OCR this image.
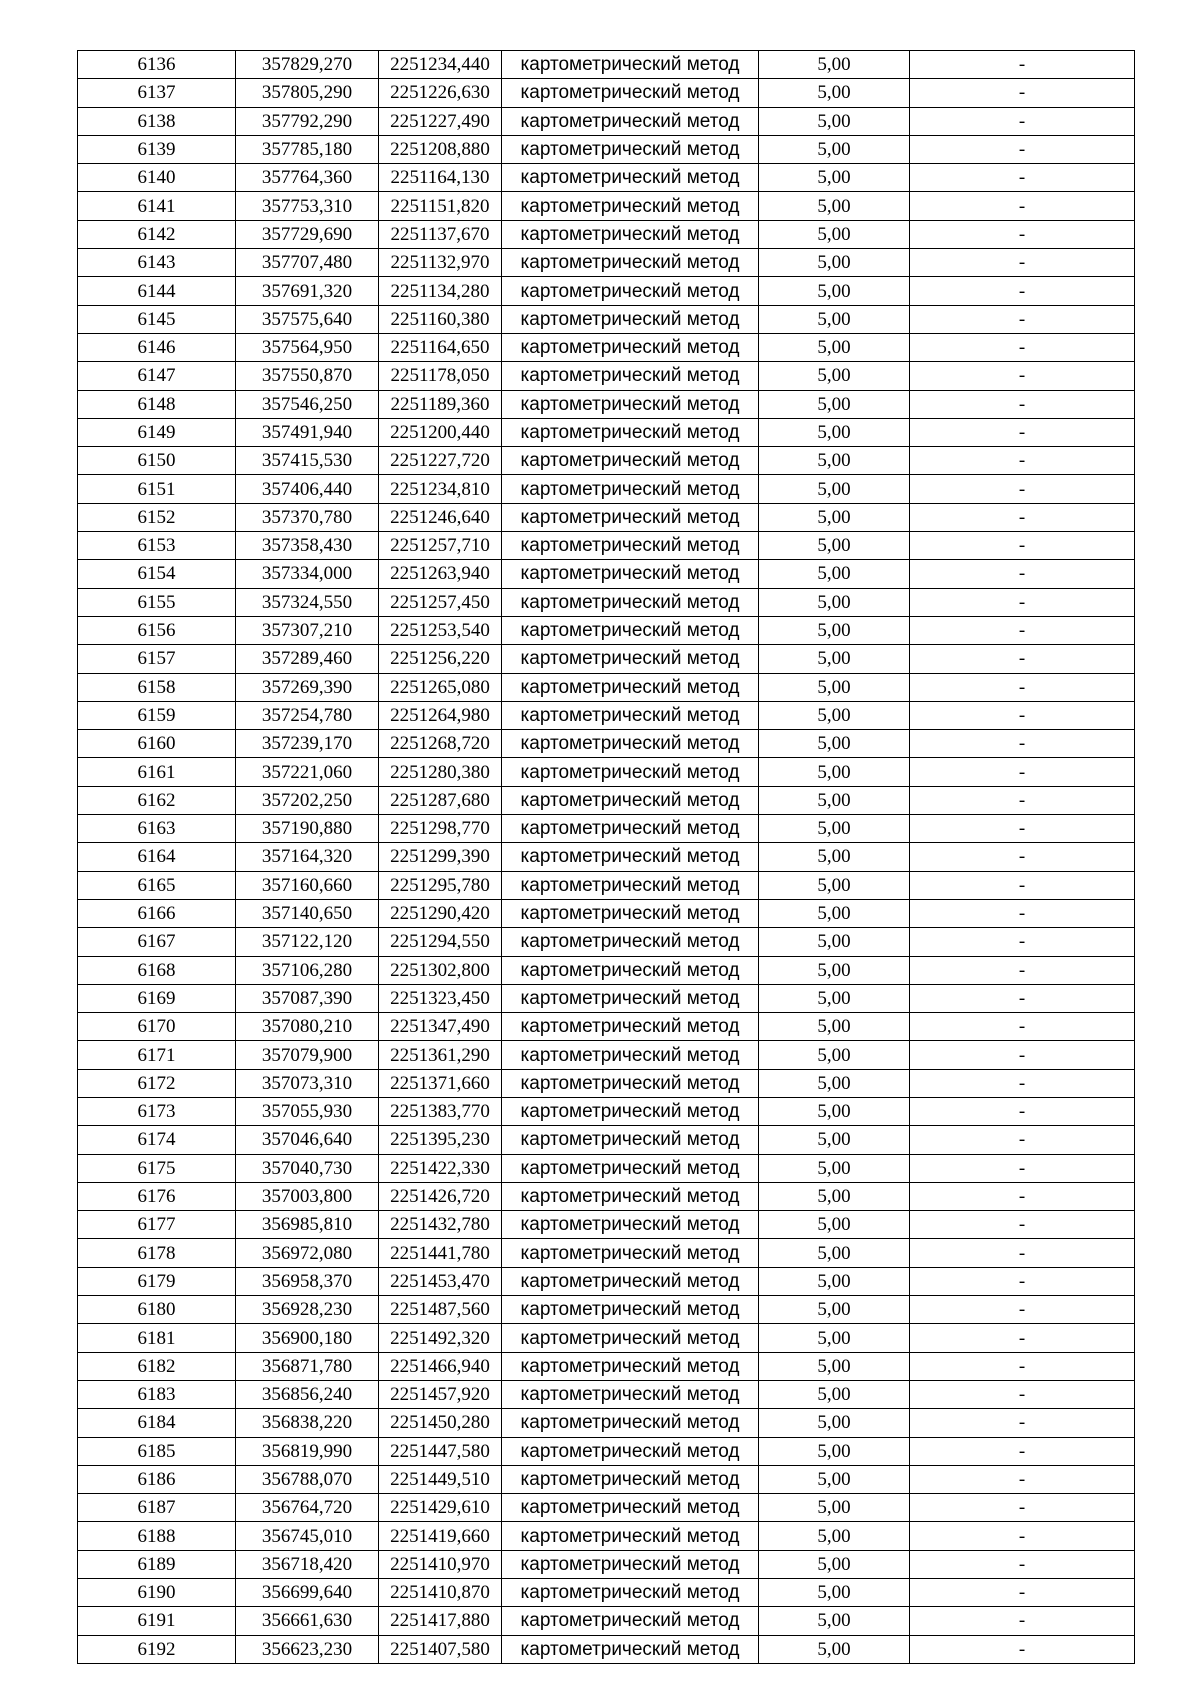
6136	357829,270	2251234,440	картометрический метод	5,00	-
6137	357805,290	2251226,630	картометрический метод	5,00	-
6138	357792,290	2251227,490	картометрический метод	5,00	-
6139	357785,180	2251208,880	картометрический метод	5,00	-
6140	357764,360	2251164,130	картометрический метод	5,00	-
6141	357753,310	2251151,820	картометрический метод	5,00	-
6142	357729,690	2251137,670	картометрический метод	5,00	-
6143	357707,480	2251132,970	картометрический метод	5,00	-
6144	357691,320	2251134,280	картометрический метод	5,00	-
6145	357575,640	2251160,380	картометрический метод	5,00	-
6146	357564,950	2251164,650	картометрический метод	5,00	-
6147	357550,870	2251178,050	картометрический метод	5,00	-
6148	357546,250	2251189,360	картометрический метод	5,00	-
6149	357491,940	2251200,440	картометрический метод	5,00	-
6150	357415,530	2251227,720	картометрический метод	5,00	-
6151	357406,440	2251234,810	картометрический метод	5,00	-
6152	357370,780	2251246,640	картометрический метод	5,00	-
6153	357358,430	2251257,710	картометрический метод	5,00	-
6154	357334,000	2251263,940	картометрический метод	5,00	-
6155	357324,550	2251257,450	картометрический метод	5,00	-
6156	357307,210	2251253,540	картометрический метод	5,00	-
6157	357289,460	2251256,220	картометрический метод	5,00	-
6158	357269,390	2251265,080	картометрический метод	5,00	-
6159	357254,780	2251264,980	картометрический метод	5,00	-
6160	357239,170	2251268,720	картометрический метод	5,00	-
6161	357221,060	2251280,380	картометрический метод	5,00	-
6162	357202,250	2251287,680	картометрический метод	5,00	-
6163	357190,880	2251298,770	картометрический метод	5,00	-
6164	357164,320	2251299,390	картометрический метод	5,00	-
6165	357160,660	2251295,780	картометрический метод	5,00	-
6166	357140,650	2251290,420	картометрический метод	5,00	-
6167	357122,120	2251294,550	картометрический метод	5,00	-
6168	357106,280	2251302,800	картометрический метод	5,00	-
6169	357087,390	2251323,450	картометрический метод	5,00	-
6170	357080,210	2251347,490	картометрический метод	5,00	-
6171	357079,900	2251361,290	картометрический метод	5,00	-
6172	357073,310	2251371,660	картометрический метод	5,00	-
6173	357055,930	2251383,770	картометрический метод	5,00	-
6174	357046,640	2251395,230	картометрический метод	5,00	-
6175	357040,730	2251422,330	картометрический метод	5,00	-
6176	357003,800	2251426,720	картометрический метод	5,00	-
6177	356985,810	2251432,780	картометрический метод	5,00	-
6178	356972,080	2251441,780	картометрический метод	5,00	-
6179	356958,370	2251453,470	картометрический метод	5,00	-
6180	356928,230	2251487,560	картометрический метод	5,00	-
6181	356900,180	2251492,320	картометрический метод	5,00	-
6182	356871,780	2251466,940	картометрический метод	5,00	-
6183	356856,240	2251457,920	картометрический метод	5,00	-
6184	356838,220	2251450,280	картометрический метод	5,00	-
6185	356819,990	2251447,580	картометрический метод	5,00	-
6186	356788,070	2251449,510	картометрический метод	5,00	-
6187	356764,720	2251429,610	картометрический метод	5,00	-
6188	356745,010	2251419,660	картометрический метод	5,00	-
6189	356718,420	2251410,970	картометрический метод	5,00	-
6190	356699,640	2251410,870	картометрический метод	5,00	-
6191	356661,630	2251417,880	картометрический метод	5,00	-
6192	356623,230	2251407,580	картометрический метод	5,00	-
